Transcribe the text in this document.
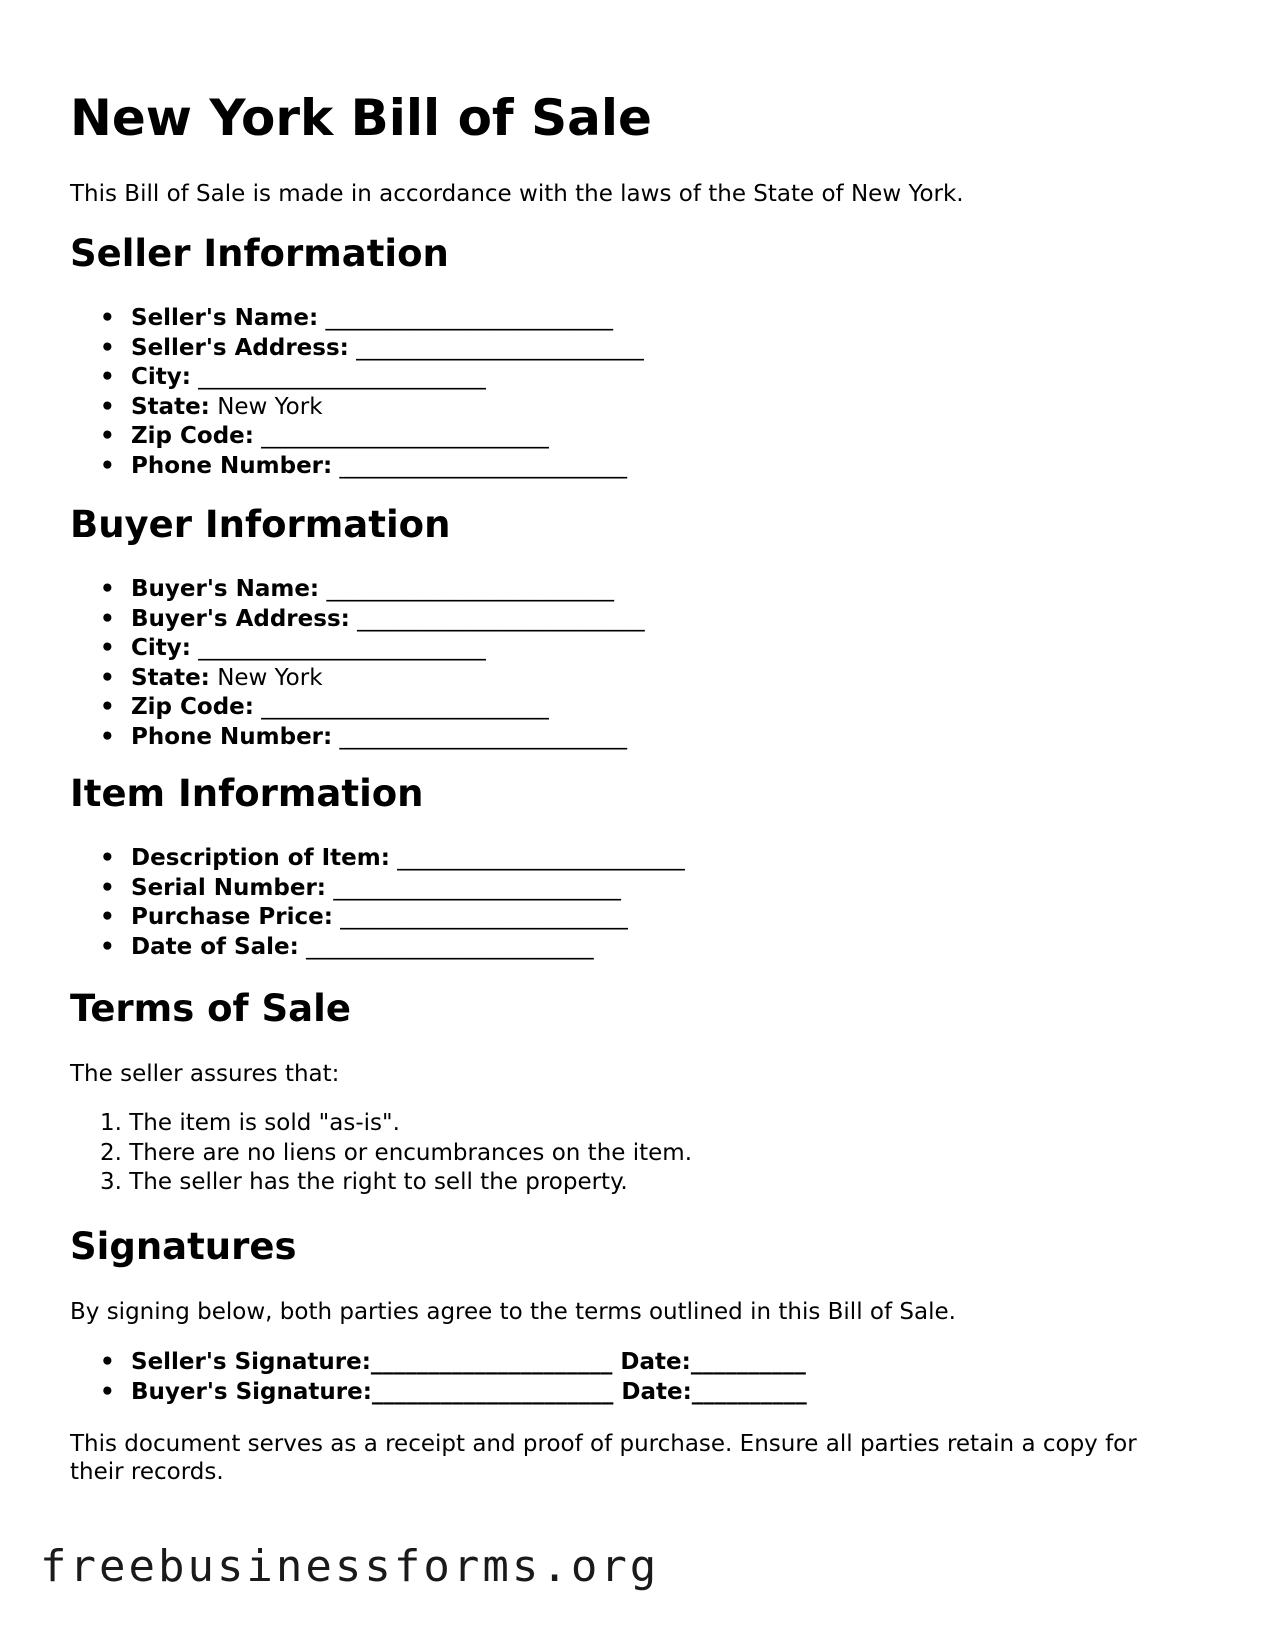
New York Bill of Sale
This Bill of Sale is made in accordance with the laws of the State of New York.
Seller Information
• Seller's Name: _________________________
• Seller's Address: _________________________
• City: _________________________
• State: New York
• Zip Code: _________________________
• Phone Number: _________________________
Buyer Information
• Buyer's Name: _________________________
• Buyer's Address: _________________________
• City: _________________________
• State: New York
• Zip Code: _________________________
• Phone Number: _________________________
Item Information
• Description of Item: _________________________
• Serial Number: _________________________
• Purchase Price: _________________________
• Date of Sale: _________________________
Terms of Sale

The seller assures that:

1. The item is sold "as-is".
2. There are no liens or encumbrances on the item.
3. The seller has the right to sell the property.
Signatures

By signing below, both parties agree to the terms outlined in this Bill of Sale.

• Seller's Signature:_____________________ Date:__________
• Buyer's Signature:_____________________ Date:__________

This document serves as a receipt and proof of purchase. Ensure all parties retain a copy for their records.

freebusinessforms.org
